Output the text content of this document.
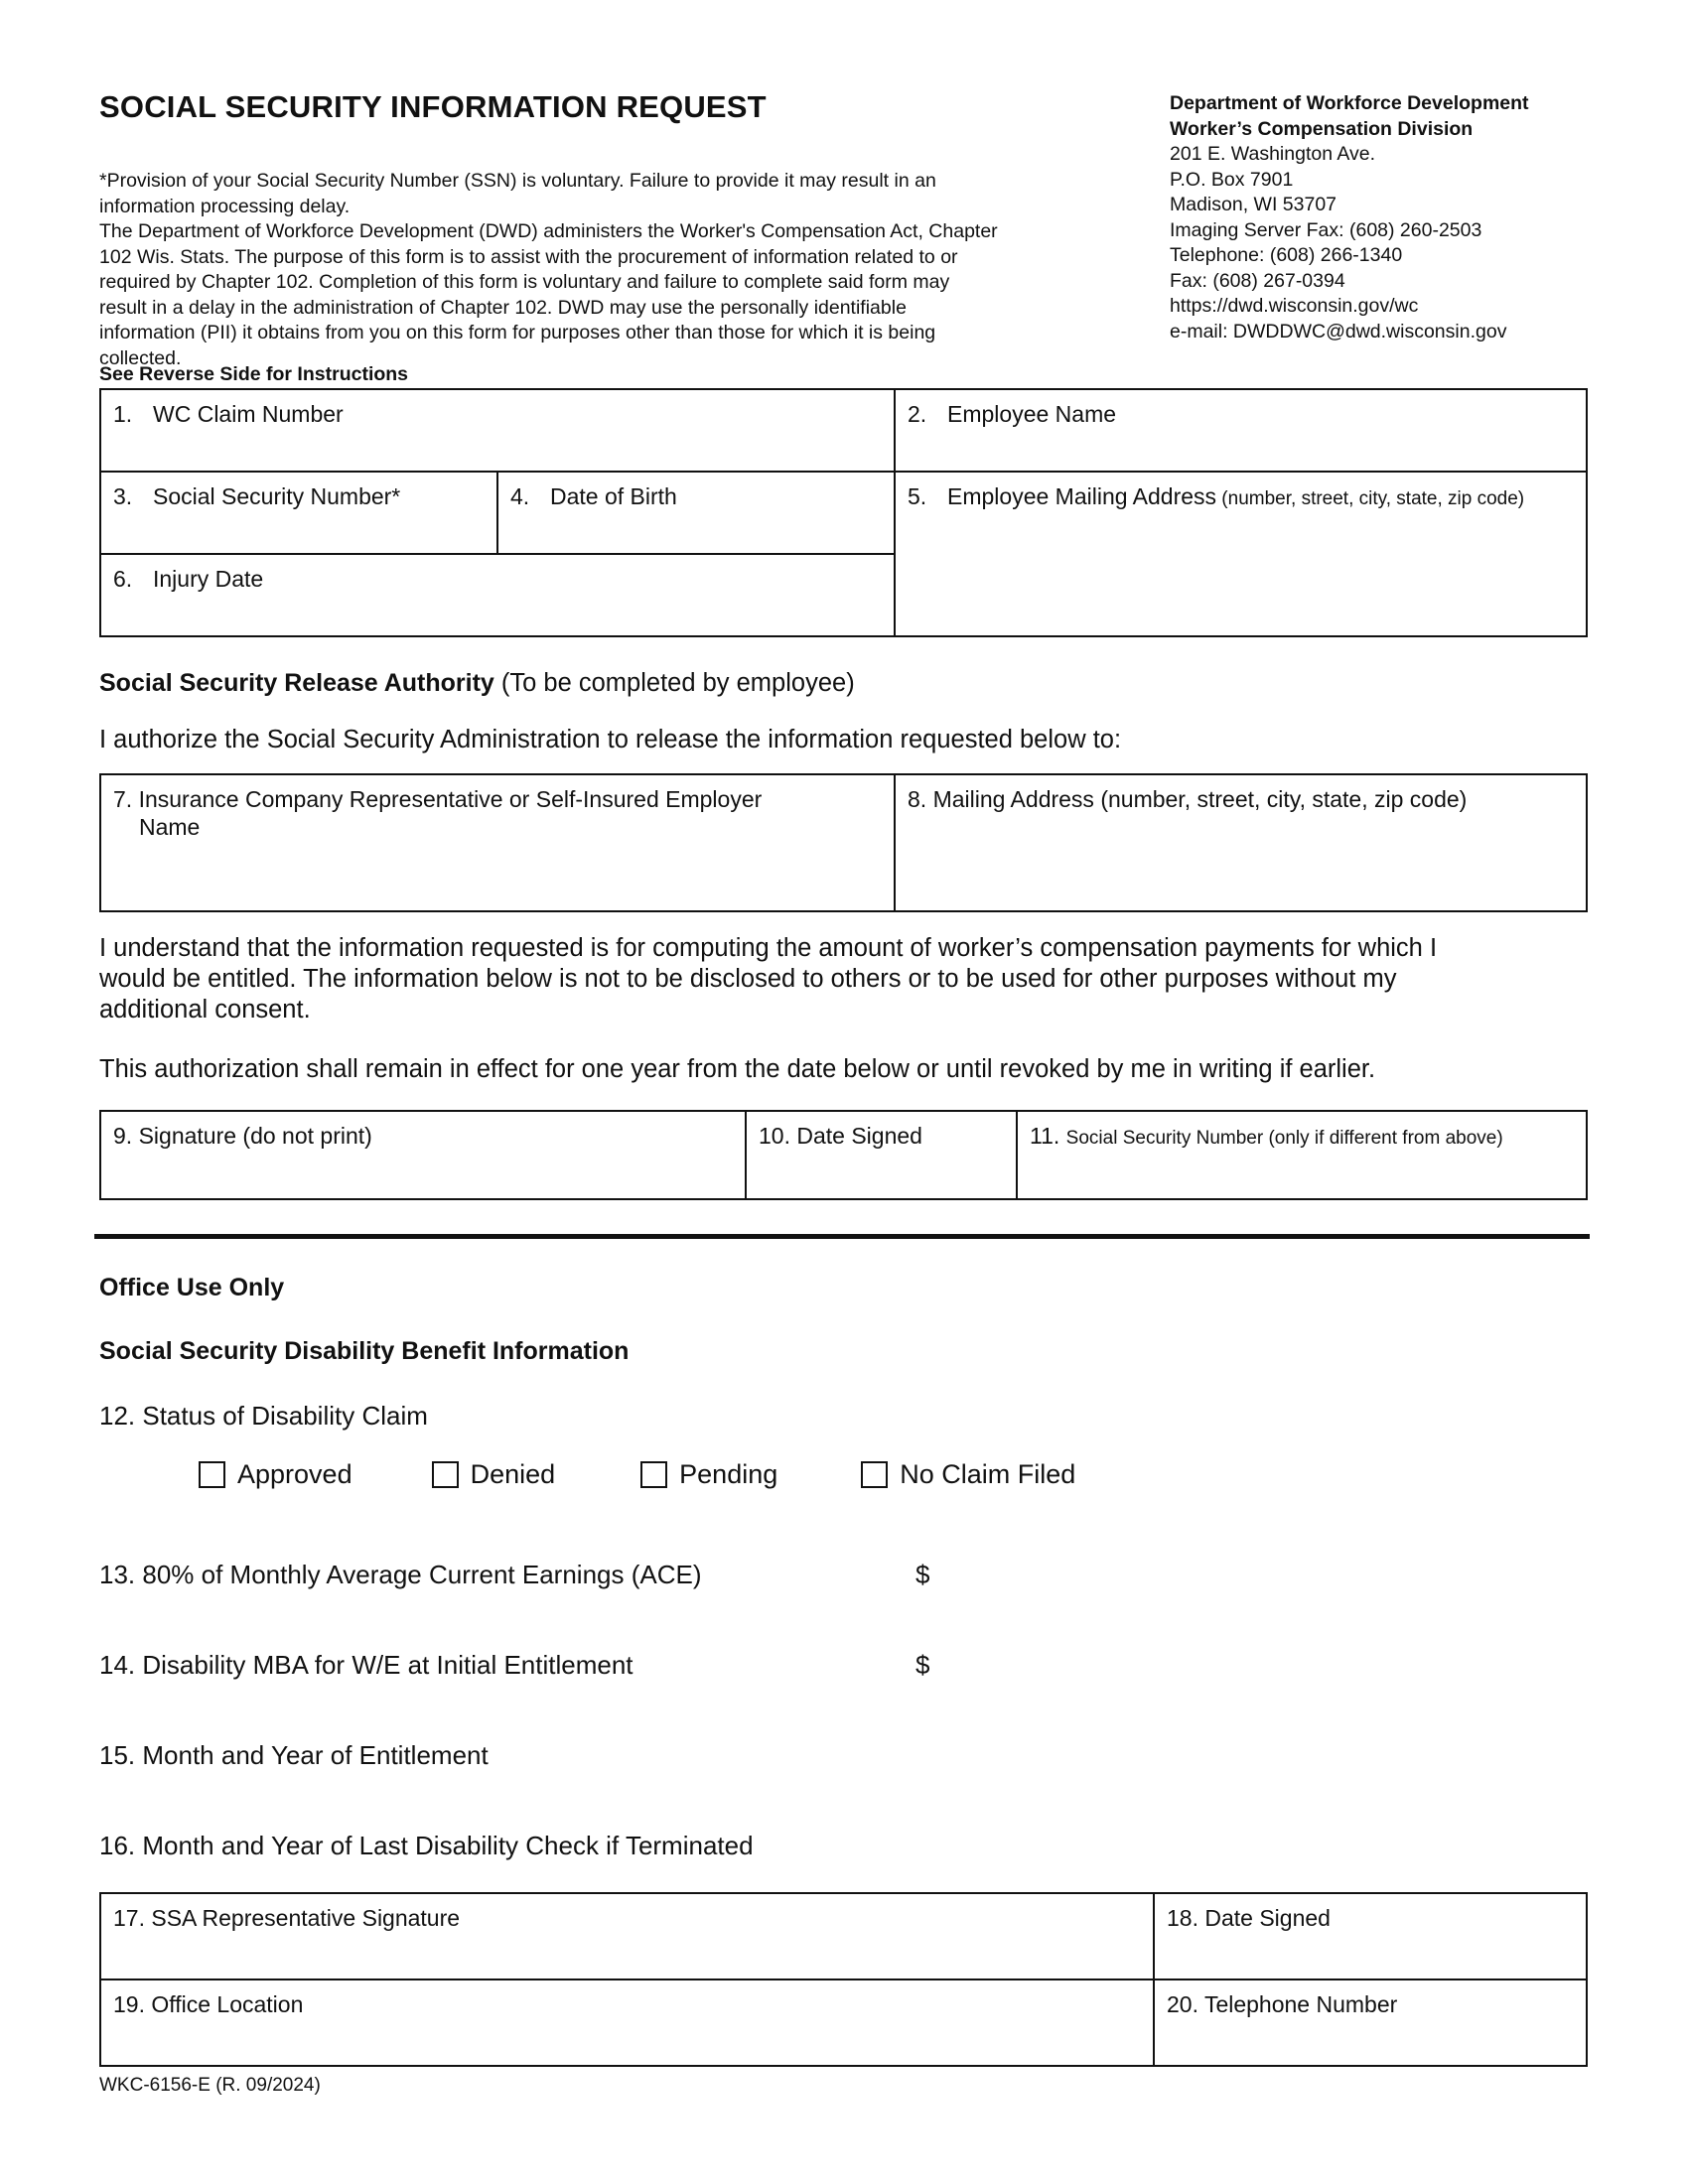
SOCIAL SECURITY INFORMATION REQUEST

*Provision of your Social Security Number (SSN) is voluntary. Failure to provide it may result in an

information processing delay.

The Department of Workforce Development (DWD) administers the Worker's Compensation Act, Chapter

102 Wis. Stats. The purpose of this form is to assist with the procurement of information related to or

required by Chapter 102. Completion of this form is voluntary and failure to complete said form may

result in a delay in the administration of Chapter 102. DWD may use the personally identifiable

information (PII) it obtains from you on this form for purposes other than those for which it is being

collected.

See Reverse Side for Instructions
Department of Workforce Development
Worker’s Compensation Division
201 E. Washington Ave.
P.O. Box 7901
Madison, WI 53707
Imaging Server Fax: (608) 260-2503
Telephone: (608) 266-1340
Fax: (608) 267-0394
https://dwd.wisconsin.gov/wc
e-mail: DWDDWC@dwd.wisconsin.gov
1. WC Claim Number		2. Employee Name
3. Social Security Number*	4. Date of Birth	5. Employee Mailing Address (number, street, city, state, zip code)
6. Injury Date		
Social Security Release Authority (To be completed by employee)
I authorize the Social Security Administration to release the information requested below to:
7. Insurance Company Representative or Self-Insured Employer
Name
	8. Mailing Address (number, street, city, state, zip code)
I understand that the information requested is for computing the amount of worker’s compensation payments for which I
would be entitled. The information below is not to be disclosed to others or to be used for other purposes without my
additional consent.
This authorization shall remain in effect for one year from the date below or until revoked by me in writing if earlier.
9. Signature (do not print)	10. Date Signed	11. Social Security Number (only if different from above)
Office Use Only
Social Security Disability Benefit Information
12. Status of Disability Claim
Approved	Denied	Pending	No Claim Filed
13. 80% of Monthly Average Current Earnings (ACE)	$
14. Disability MBA for W/E at Initial Entitlement	$
15. Month and Year of Entitlement
16. Month and Year of Last Disability Check if Terminated
17. SSA Representative Signature	18. Date Signed
19. Office Location	20. Telephone Number
WKC-6156-E (R. 09/2024)
